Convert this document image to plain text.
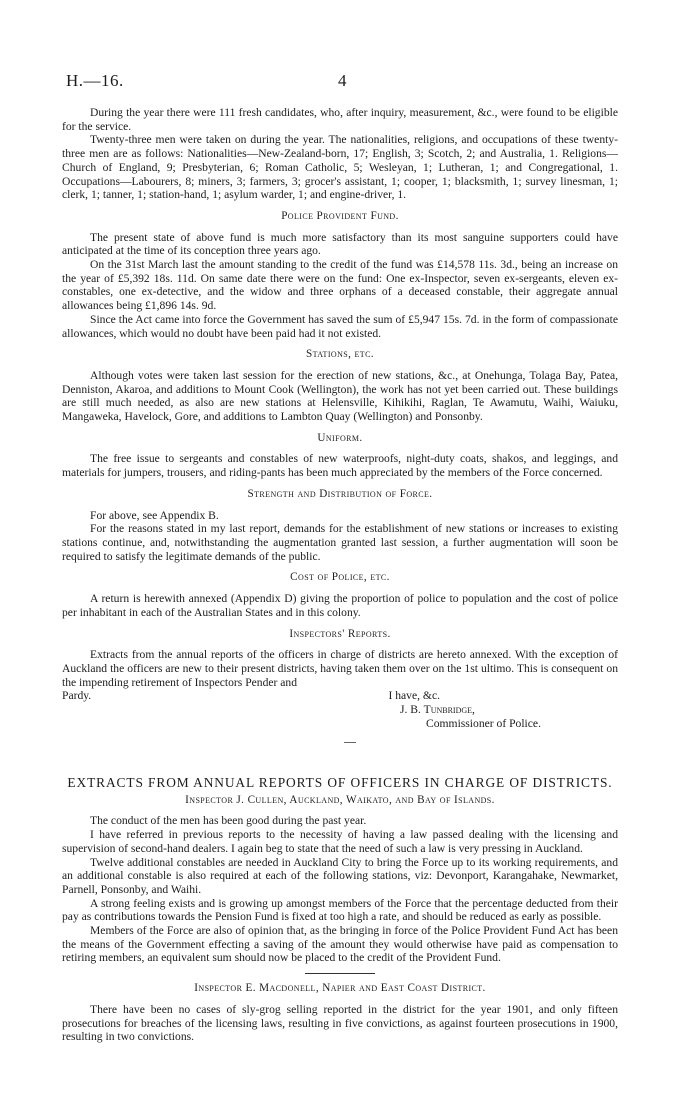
H.—16.	4

During the year there were 111 fresh candidates, who, after inquiry, measurement, &c., were found to be eligible for the service.

Twenty-three men were taken on during the year. The nationalities, religions, and occupations of these twenty-three men are as follows: Nationalities—New-Zealand-born, 17; English, 3; Scotch, 2; and Australia, 1. Religions—Church of England, 9; Presbyterian, 6; Roman Catholic, 5; Wesleyan, 1; Lutheran, 1; and Congregational, 1. Occupations—Labourers, 8; miners, 3; farmers, 3; grocer's assistant, 1; cooper, 1; blacksmith, 1; survey linesman, 1; clerk, 1; tanner, 1; station-hand, 1; asylum warder, 1; and engine-driver, 1.

Police Provident Fund.

The present state of above fund is much more satisfactory than its most sanguine supporters could have anticipated at the time of its conception three years ago.

On the 31st March last the amount standing to the credit of the fund was £14,578 11s. 3d., being an increase on the year of £5,392 18s. 11d. On same date there were on the fund: One ex-Inspector, seven ex-sergeants, eleven ex-constables, one ex-detective, and the widow and three orphans of a deceased constable, their aggregate annual allowances being £1,896 14s. 9d.

Since the Act came into force the Government has saved the sum of £5,947 15s. 7d. in the form of compassionate allowances, which would no doubt have been paid had it not existed.

Stations, etc.

Although votes were taken last session for the erection of new stations, &c., at Onehunga, Tolaga Bay, Patea, Denniston, Akaroa, and additions to Mount Cook (Wellington), the work has not yet been carried out. These buildings are still much needed, as also are new stations at Helensville, Kihikihi, Raglan, Te Awamutu, Waihi, Waiuku, Mangaweka, Havelock, Gore, and additions to Lambton Quay (Wellington) and Ponsonby.

Uniform.

The free issue to sergeants and constables of new waterproofs, night-duty coats, shakos, and leggings, and materials for jumpers, trousers, and riding-pants has been much appreciated by the members of the Force concerned.

Strength and Distribution of Force.

For above, see Appendix B.

For the reasons stated in my last report, demands for the establishment of new stations or increases to existing stations continue, and, notwithstanding the augmentation granted last session, a further augmentation will soon be required to satisfy the legitimate demands of the public.

Cost of Police, etc.

A return is herewith annexed (Appendix D) giving the proportion of police to population and the cost of police per inhabitant in each of the Australian States and in this colony.

Inspectors' Reports.

Extracts from the annual reports of the officers in charge of districts are hereto annexed. With the exception of Auckland the officers are new to their present districts, having taken them over on the 1st ultimo. This is consequent on the impending retirement of Inspectors Pender and

Pardy.	I have, &c.
J. B. Tunbridge,
Commissioner of Police.
EXTRACTS FROM ANNUAL REPORTS OF OFFICERS IN CHARGE OF DISTRICTS.
Inspector J. Cullen, Auckland, Waikato, and Bay of Islands.

The conduct of the men has been good during the past year.

I have referred in previous reports to the necessity of having a law passed dealing with the licensing and supervision of second-hand dealers. I again beg to state that the need of such a law is very pressing in Auckland.

Twelve additional constables are needed in Auckland City to bring the Force up to its working requirements, and an additional constable is also required at each of the following stations, viz: Devonport, Karangahake, Newmarket, Parnell, Ponsonby, and Waihi.

A strong feeling exists and is growing up amongst members of the Force that the percentage deducted from their pay as contributions towards the Pension Fund is fixed at too high a rate, and should be reduced as early as possible.

Members of the Force are also of opinion that, as the bringing in force of the Police Provident Fund Act has been the means of the Government effecting a saving of the amount they would otherwise have paid as compensation to retiring members, an equivalent sum should now be placed to the credit of the Provident Fund.

Inspector E. Macdonell, Napier and East Coast District.

There have been no cases of sly-grog selling reported in the district for the year 1901, and only fifteen prosecutions for breaches of the licensing laws, resulting in five convictions, as against fourteen prosecutions in 1900, resulting in two convictions.
